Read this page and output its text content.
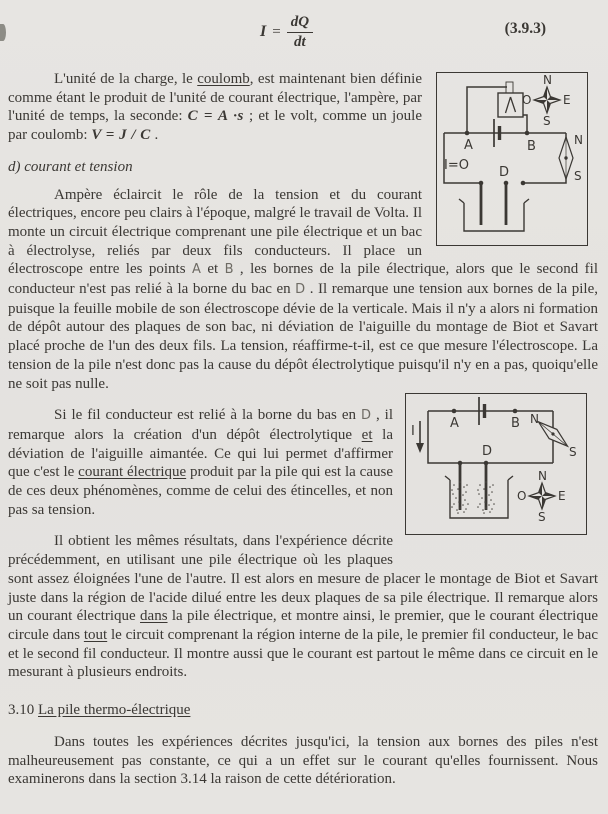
$I = \frac{dQ}{dt}$	(3.9.3)
A	B
I=O
N
S
D
N
S
E
O

L'unité de la charge, le coulomb, est maintenant bien définie comme étant le produit de l'unité de courant électrique, l'ampère, par l'unité de temps, la seconde: C = A ·s ; et le volt, comme un joule par coulomb: V = J / C .

d) courant et tension

Ampère éclaircit le rôle de la tension et du courant électriques, encore peu clairs à l'époque, malgré le travail de Volta. Il monte un circuit électrique comprenant une pile électrique et un bac à électrolyse, reliés par deux fils conducteurs. Il place un électroscope entre les points A et B , les bornes de la pile électrique, alors que le second fil conducteur n'est pas relié à la borne du bac en D . Il remarque une tension aux bornes de la pile, puisque la feuille mobile de son électroscope dévie de la verticale. Mais il n'y a alors ni formation de dépôt autour des plaques de son bac, ni déviation de l'aiguille du montage de Biot et Savart placé proche de l'un des deux fils. La tension, réaffirme-t-il, est ce que mesure l'électroscope. La tension de la pile n'est donc pas la cause du dépôt électrolytique puisqu'il n'y en a pas, quoiqu'elle ne soit pas nulle.

A	B
I
N
S
D
N
S
E
O

Si le fil conducteur est relié à la borne du bas en D , il remarque alors la création d'un dépôt électrolytique et la déviation de l'aiguille aimantée. Ce qui lui permet d'affirmer que c'est le courant électrique produit par la pile qui est la cause de ces deux phénomènes, comme de celui des étincelles, et non pas sa tension.

Il obtient les mêmes résultats, dans l'expérience décrite précédemment, en utilisant une pile électrique où les plaques sont assez éloignées l'une de l'autre. Il est alors en mesure de placer le montage de Biot et Savart juste dans la région de l'acide dilué entre les deux plaques de sa pile électrique. Il remarque alors un courant électrique dans la pile électrique, et montre ainsi, le premier, que le courant électrique circule dans tout le circuit comprenant la région interne de la pile, le premier fil conducteur, le bac et le second fil conducteur. Il montre aussi que le courant est partout le même dans ce circuit en le mesurant à plusieurs endroits.

3.10 La pile thermo-électrique

Dans toutes les expériences décrites jusqu'ici, la tension aux bornes des piles n'est malheureusement pas constante, ce qui a un effet sur le courant qu'elles fournissent. Nous examinerons dans la section 3.14 la raison de cette détérioration.
